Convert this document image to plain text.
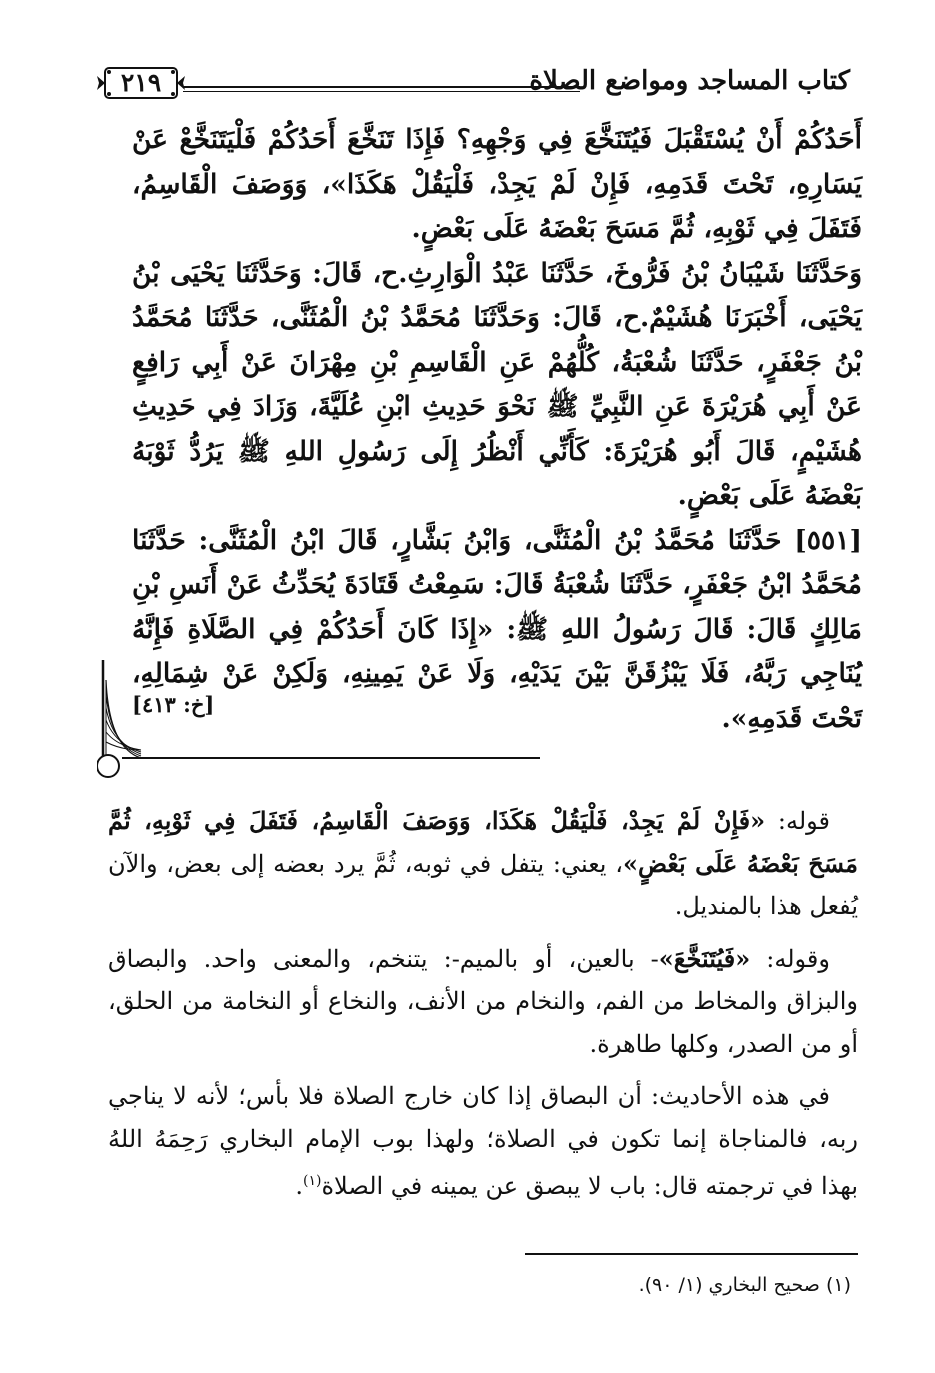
كتاب المساجد ومواضع الصلاة
٢١٩

أَحَدُكُمْ أَنْ يُسْتَقْبَلَ فَيُتَنَخَّعَ فِي وَجْهِهِ؟ فَإِذَا تَنَخَّعَ أَحَدُكُمْ فَلْيَتَنَخَّعْ عَنْ يَسَارِهِ، تَحْتَ قَدَمِهِ، فَإِنْ لَمْ يَجِدْ، فَلْيَقُلْ هَكَذَا»، وَوَصَفَ الْقَاسِمُ، فَتَفَلَ فِي ثَوْبِهِ، ثُمَّ مَسَحَ بَعْضَهُ عَلَى بَعْضٍ.

وَحَدَّثَنَا شَيْبَانُ بْنُ فَرُّوخَ، حَدَّثَنَا عَبْدُ الْوَارِثِ.ح، قَالَ: وَحَدَّثَنَا يَحْيَى بْنُ يَحْيَى، أَخْبَرَنَا هُشَيْمٌ.ح، قَالَ: وَحَدَّثَنَا مُحَمَّدُ بْنُ الْمُثَنَّى، حَدَّثَنَا مُحَمَّدُ بْنُ جَعْفَرٍ، حَدَّثَنَا شُعْبَةُ، كُلُّهُمْ عَنِ الْقَاسِمِ بْنِ مِهْرَانَ عَنْ أَبِي رَافِعٍ عَنْ أَبِي هُرَيْرَةَ عَنِ النَّبِيِّ ﷺ نَحْوَ حَدِيثِ ابْنِ عُلَيَّةَ، وَزَادَ فِي حَدِيثِ هُشَيْمٍ، قَالَ أَبُو هُرَيْرَةَ: كَأَنِّي أَنْظُرُ إِلَى رَسُولِ اللهِ ﷺ يَرُدُّ ثَوْبَهُ بَعْضَهُ عَلَى بَعْضٍ.

[٥٥١] حَدَّثَنَا مُحَمَّدُ بْنُ الْمُثَنَّى، وَابْنُ بَشَّارٍ، قَالَ ابْنُ الْمُثَنَّى: حَدَّثَنَا مُحَمَّدُ ابْنُ جَعْفَرٍ، حَدَّثَنَا شُعْبَةُ قَالَ: سَمِعْتُ قَتَادَةَ يُحَدِّثُ عَنْ أَنَسِ بْنِ مَالِكٍ قَالَ: قَالَ رَسُولُ اللهِ ﷺ: «إِذَا كَانَ أَحَدُكُمْ فِي الصَّلَاةِ فَإِنَّهُ يُنَاجِي رَبَّهُ، فَلَا يَبْزُقَنَّ بَيْنَ يَدَيْهِ، وَلَا عَنْ يَمِينِهِ، وَلَكِنْ عَنْ شِمَالِهِ، تَحْتَ قَدَمِهِ».

[خ: ٤١٣]

قوله: «فَإِنْ لَمْ يَجِدْ، فَلْيَقُلْ هَكَذَا، وَوَصَفَ الْقَاسِمُ، فَتَفَلَ فِي ثَوْبِهِ، ثُمَّ مَسَحَ بَعْضَهُ عَلَى بَعْضٍ»، يعني: يتفل في ثوبه، ثُمَّ يرد بعضه إلى بعض، والآن يُفعل هذا بالمنديل.

وقوله: «فَيُتَنَخَّعَ»- بالعين، أو بالميم-: يتنخم، والمعنى واحد. والبصاق والبزاق والمخاط من الفم، والنخام من الأنف، والنخاع أو النخامة من الحلق، أو من الصدر، وكلها طاهرة.

في هذه الأحاديث: أن البصاق إذا كان خارج الصلاة فلا بأس؛ لأنه لا يناجي ربه، فالمناجاة إنما تكون في الصلاة؛ ولهذا بوب الإمام البخاري رَحِمَهُ اللهُ بهذا في ترجمته قال: باب لا يبصق عن يمينه في الصلاة$^{(١)}$.

(١) صحيح البخاري (١/ ٩٠).
